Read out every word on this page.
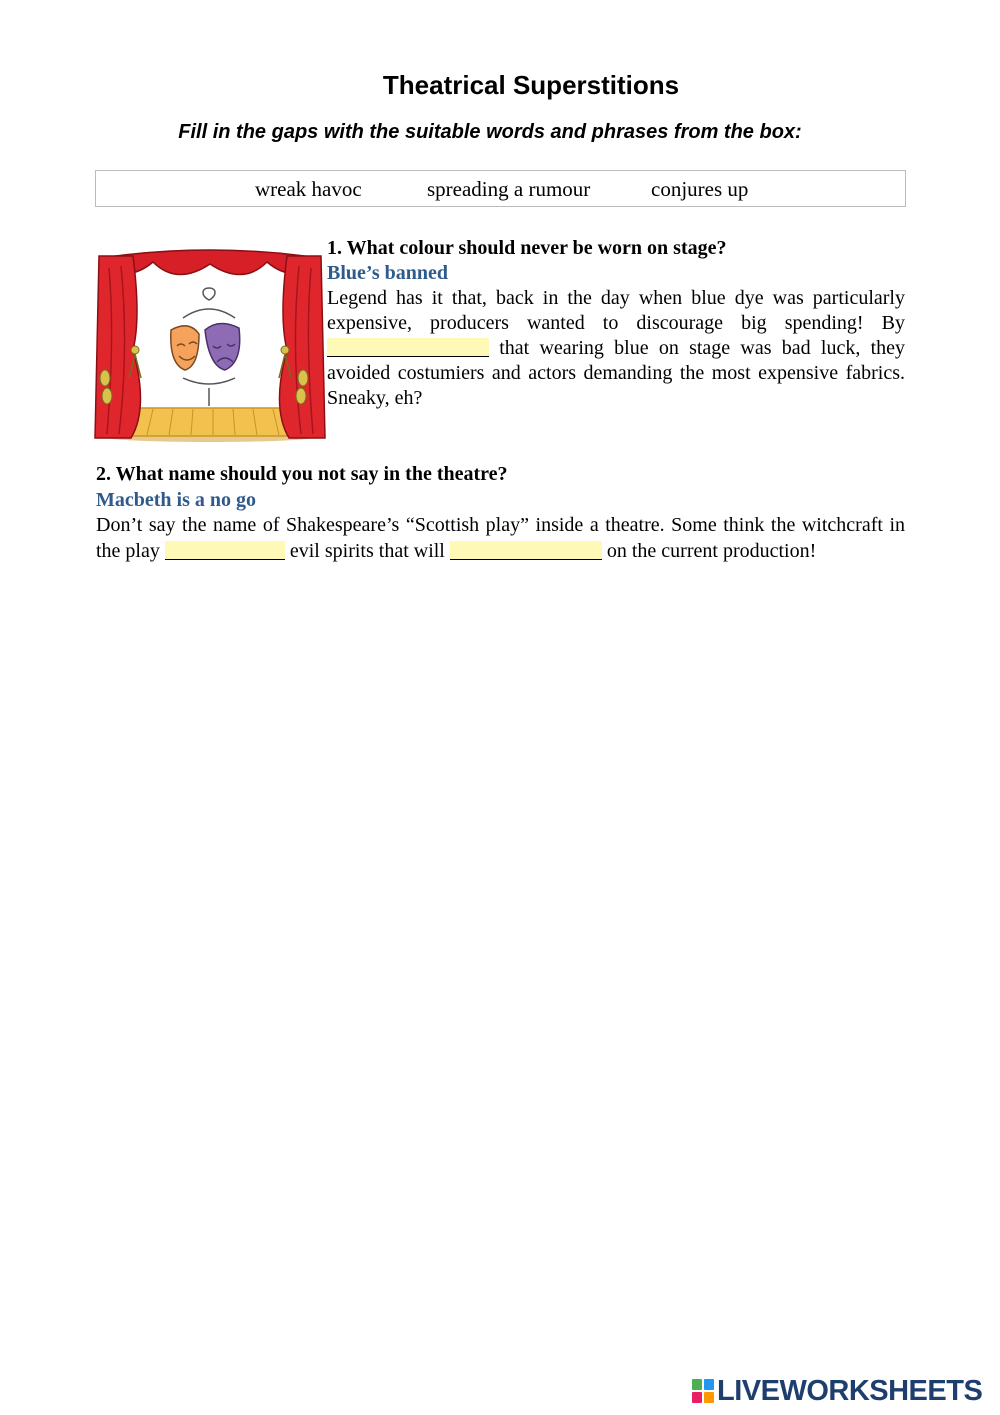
Theatrical Superstitions
Fill in the gaps with the suitable words and phrases from the box:
wreak havoc	spreading a rumour	conjures up
1. What colour should never be worn on stage?
Blue’s banned
Legend has it that, back in the day when blue dye was particularly expensive, producers wanted to discourage big spending! By  that wearing blue on stage was bad luck, they avoided costumiers and actors demanding the most expensive fabrics. Sneaky, eh?
2. What name should you not say in the theatre?
Macbeth is a no go
Don’t say the name of Shakespeare’s “Scottish play” inside a theatre. Some think the witchcraft in the play	evil spirits that will	on the current production!
LIVEWORKSHEETS
